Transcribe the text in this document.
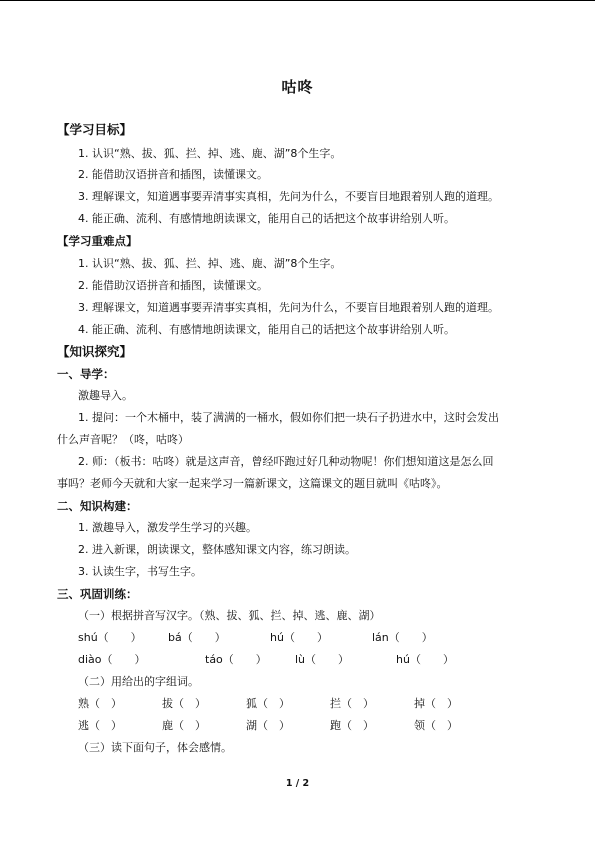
咕咚
【学习目标】
1. 认识“熟、拔、狐、拦、掉、逃、鹿、湖”8个生字。
2. 能借助汉语拼音和插图，读懂课文。
3. 理解课文，知道遇事要弄清事实真相，先问为什么，不要盲目地跟着别人跑的道理。
4. 能正确、流利、有感情地朗读课文，能用自己的话把这个故事讲给别人听。
【学习重难点】
1. 认识“熟、拔、狐、拦、掉、逃、鹿、湖”8个生字。
2. 能借助汉语拼音和插图，读懂课文。
3. 理解课文，知道遇事要弄清事实真相，先问为什么，不要盲目地跟着别人跑的道理。
4. 能正确、流利、有感情地朗读课文，能用自己的话把这个故事讲给别人听。
【知识探究】
一、导学：
激趣导入。
1. 提问：一个木桶中，装了满满的一桶水，假如你们把一块石子扔进水中，这时会发出
什么声音呢？（咚，咕咚）
2. 师：（板书：咕咚）就是这声音，曾经吓跑过好几种动物呢！你们想知道这是怎么回
事吗？老师今天就和大家一起来学习一篇新课文，这篇课文的题目就叫《咕咚》。
二、知识构建：
1. 激趣导入，激发学生学习的兴趣。
2. 进入新课，朗读课文，整体感知课文内容，练习朗读。
3. 认读生字，书写生字。
三、巩固训练：
（一）根据拼音写汉字。（熟、拔、狐、拦、掉、逃、鹿、湖）
shú（　　） bá（　　）	hú（　　）	lán（　　）
diào（　　）	táo（　　）	lù（　　）	hú（　　）
（二）用给出的字组词。
熟（　）	拔（　）	狐（　）	拦（　）	掉（　）
逃（　）	鹿（　）	湖（　）	跑（　）	领（　）
（三）读下面句子，体会感情。
1 / 2
